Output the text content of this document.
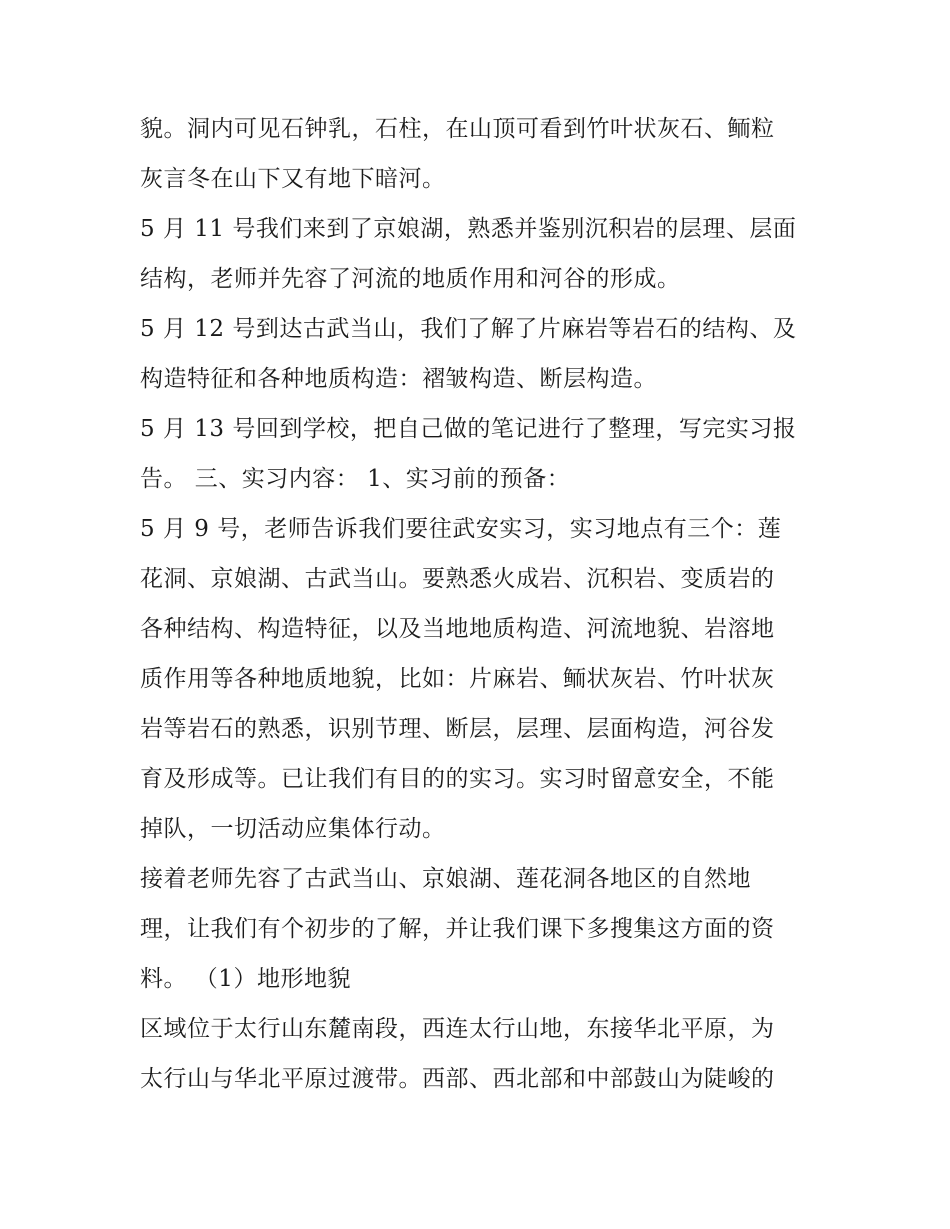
貌。洞内可见石钟乳，石柱，在山顶可看到竹叶状灰石、鲕粒
灰言冬在山下又有地下暗河。
5 月 11 号我们来到了京娘湖，熟悉并鉴别沉积岩的层理、层面
结构，老师并先容了河流的地质作用和河谷的形成。
5 月 12 号到达古武当山，我们了解了片麻岩等岩石的结构、及
构造特征和各种地质构造：褶皱构造、断层构造。
5 月 13 号回到学校，把自己做的笔记进行了整理，写完实习报
告。 三、实习内容： 1、实习前的预备：
5 月 9 号，老师告诉我们要往武安实习，实习地点有三个：莲
花洞、京娘湖、古武当山。要熟悉火成岩、沉积岩、变质岩的
各种结构、构造特征，以及当地地质构造、河流地貌、岩溶地
质作用等各种地质地貌，比如：片麻岩、鲕状灰岩、竹叶状灰
岩等岩石的熟悉，识别节理、断层，层理、层面构造，河谷发
育及形成等。已让我们有目的的实习。实习时留意安全，不能
掉队，一切活动应集体行动。
接着老师先容了古武当山、京娘湖、莲花洞各地区的自然地
理，让我们有个初步的了解，并让我们课下多搜集这方面的资
料。 （1）地形地貌
区域位于太行山东麓南段，西连太行山地，东接华北平原，为
太行山与华北平原过渡带。西部、西北部和中部鼓山为陡峻的
